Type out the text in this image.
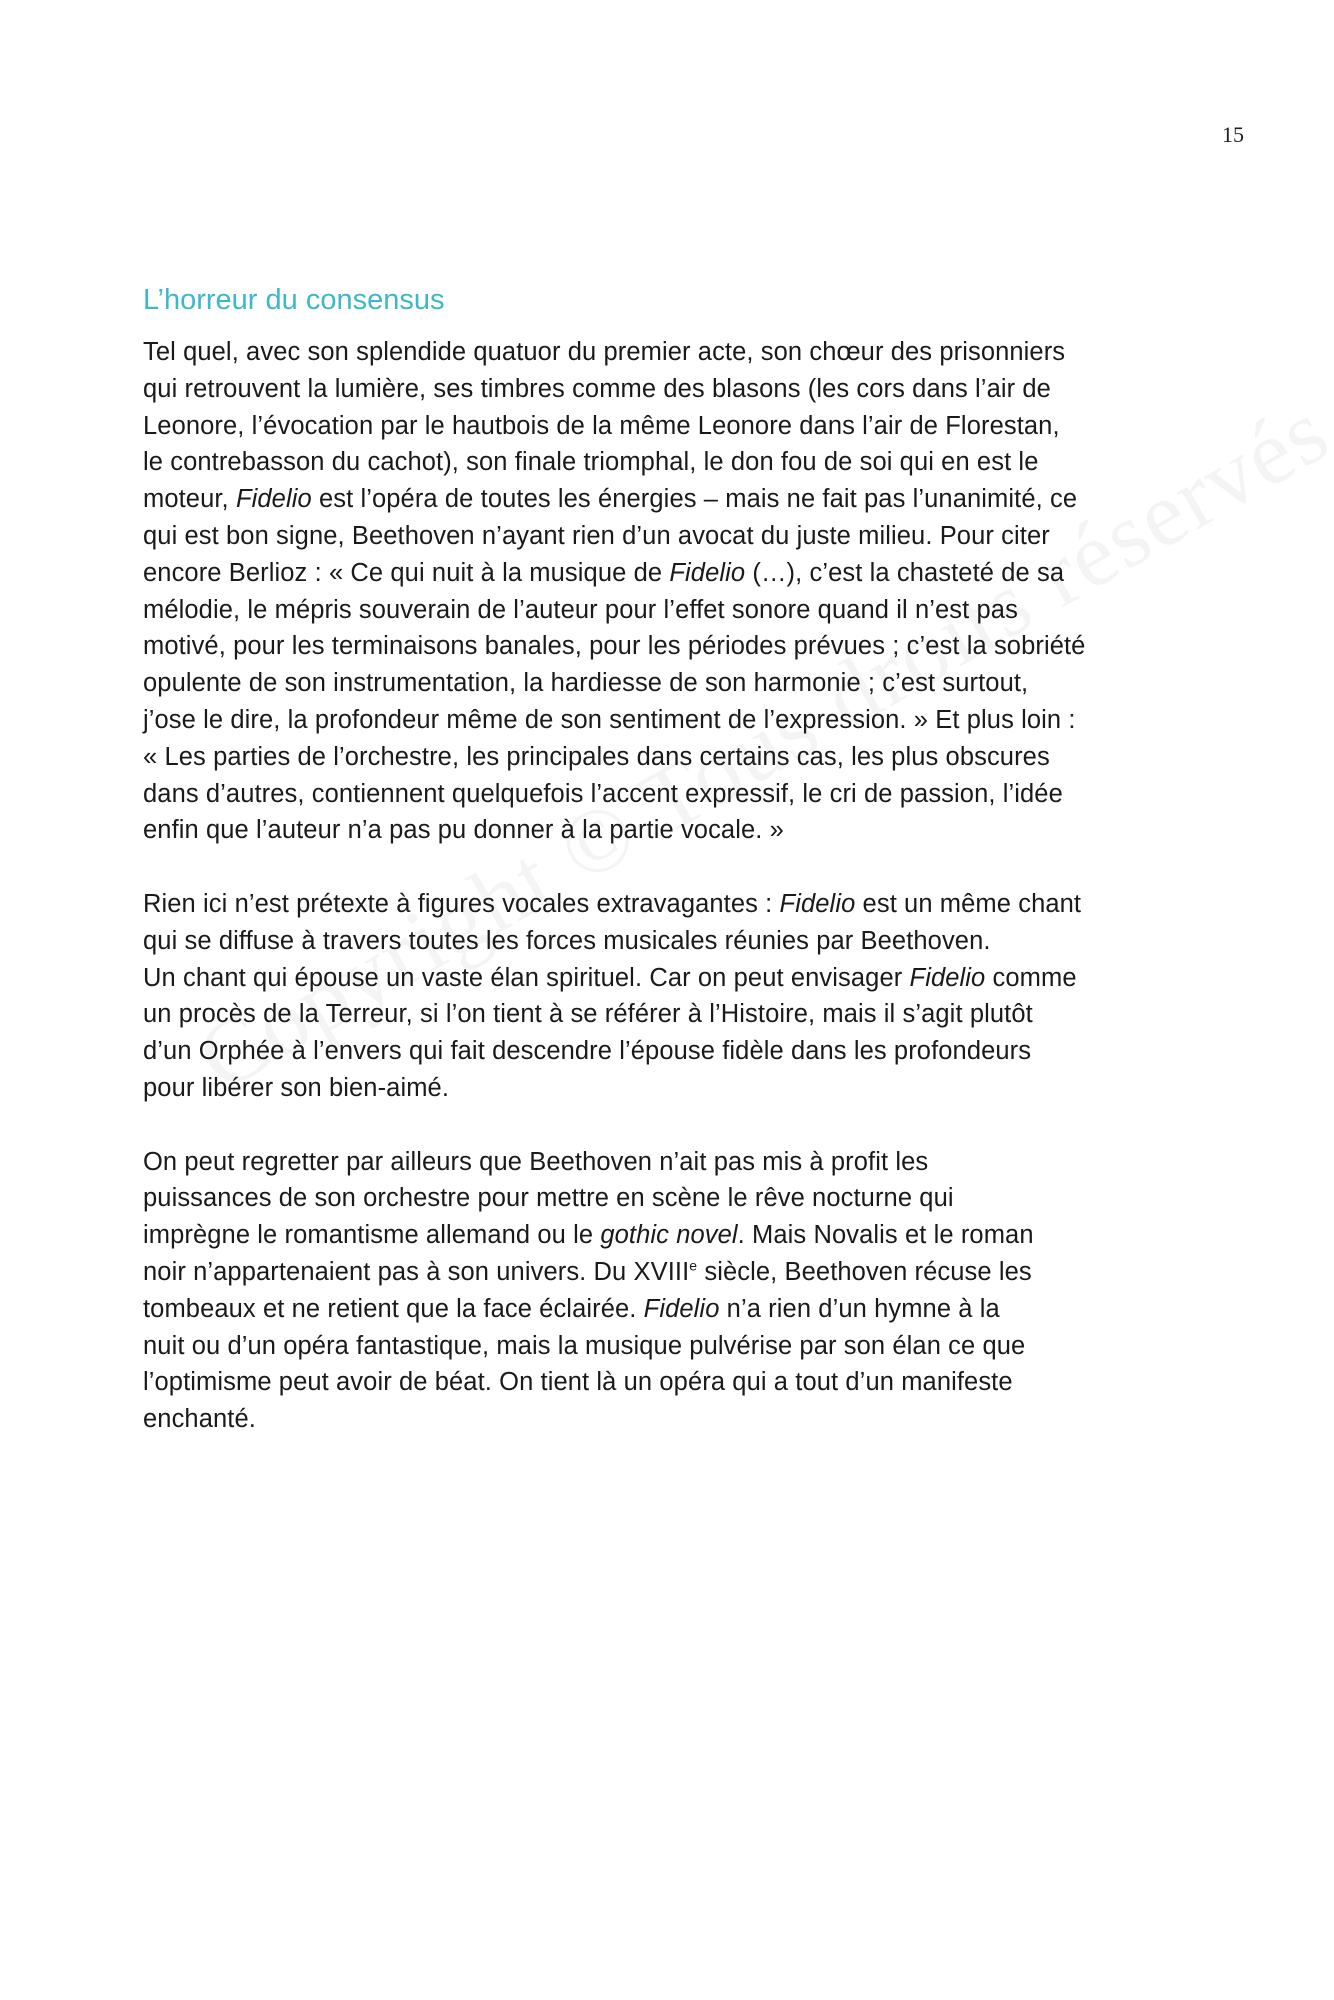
15
L’horreur du consensus

Tel quel, avec son splendide quatuor du premier acte, son chœur des prisonniers
qui retrouvent la lumière, ses timbres comme des blasons (les cors dans l’air de
Leonore, l’évocation par le hautbois de la même Leonore dans l’air de Florestan,
le contrebasson du cachot), son finale triomphal, le don fou de soi qui en est le
moteur, Fidelio est l’opéra de toutes les énergies – mais ne fait pas l’unanimité, ce
qui est bon signe, Beethoven n’ayant rien d’un avocat du juste milieu. Pour citer
encore Berlioz : « Ce qui nuit à la musique de Fidelio (…), c’est la chasteté de sa
mélodie, le mépris souverain de l’auteur pour l’effet sonore quand il n’est pas
motivé, pour les terminaisons banales, pour les périodes prévues ; c’est la sobriété
opulente de son instrumentation, la hardiesse de son harmonie ; c’est surtout,
j’ose le dire, la profondeur même de son sentiment de l’expression. » Et plus loin :
« Les parties de l’orchestre, les principales dans certains cas, les plus obscures
dans d’autres, contiennent quelquefois l’accent expressif, le cri de passion, l’idée
enfin que l’auteur n’a pas pu donner à la partie vocale. »

Rien ici n’est prétexte à figures vocales extravagantes : Fidelio est un même chant
qui se diffuse à travers toutes les forces musicales réunies par Beethoven.
Un chant qui épouse un vaste élan spirituel. Car on peut envisager Fidelio comme
un procès de la Terreur, si l’on tient à se référer à l’Histoire, mais il s’agit plutôt
d’un Orphée à l’envers qui fait descendre l’épouse fidèle dans les profondeurs
pour libérer son bien-aimé.

On peut regretter par ailleurs que Beethoven n’ait pas mis à profit les
puissances de son orchestre pour mettre en scène le rêve nocturne qui
imprègne le romantisme allemand ou le gothic novel. Mais Novalis et le roman
noir n’appartenaient pas à son univers. Du XVIIIe siècle, Beethoven récuse les
tombeaux et ne retient que la face éclairée. Fidelio n’a rien d’un hymne à la
nuit ou d’un opéra fantastique, mais la musique pulvérise par son élan ce que
l’optimisme peut avoir de béat. On tient là un opéra qui a tout d’un manifeste
enchanté.
